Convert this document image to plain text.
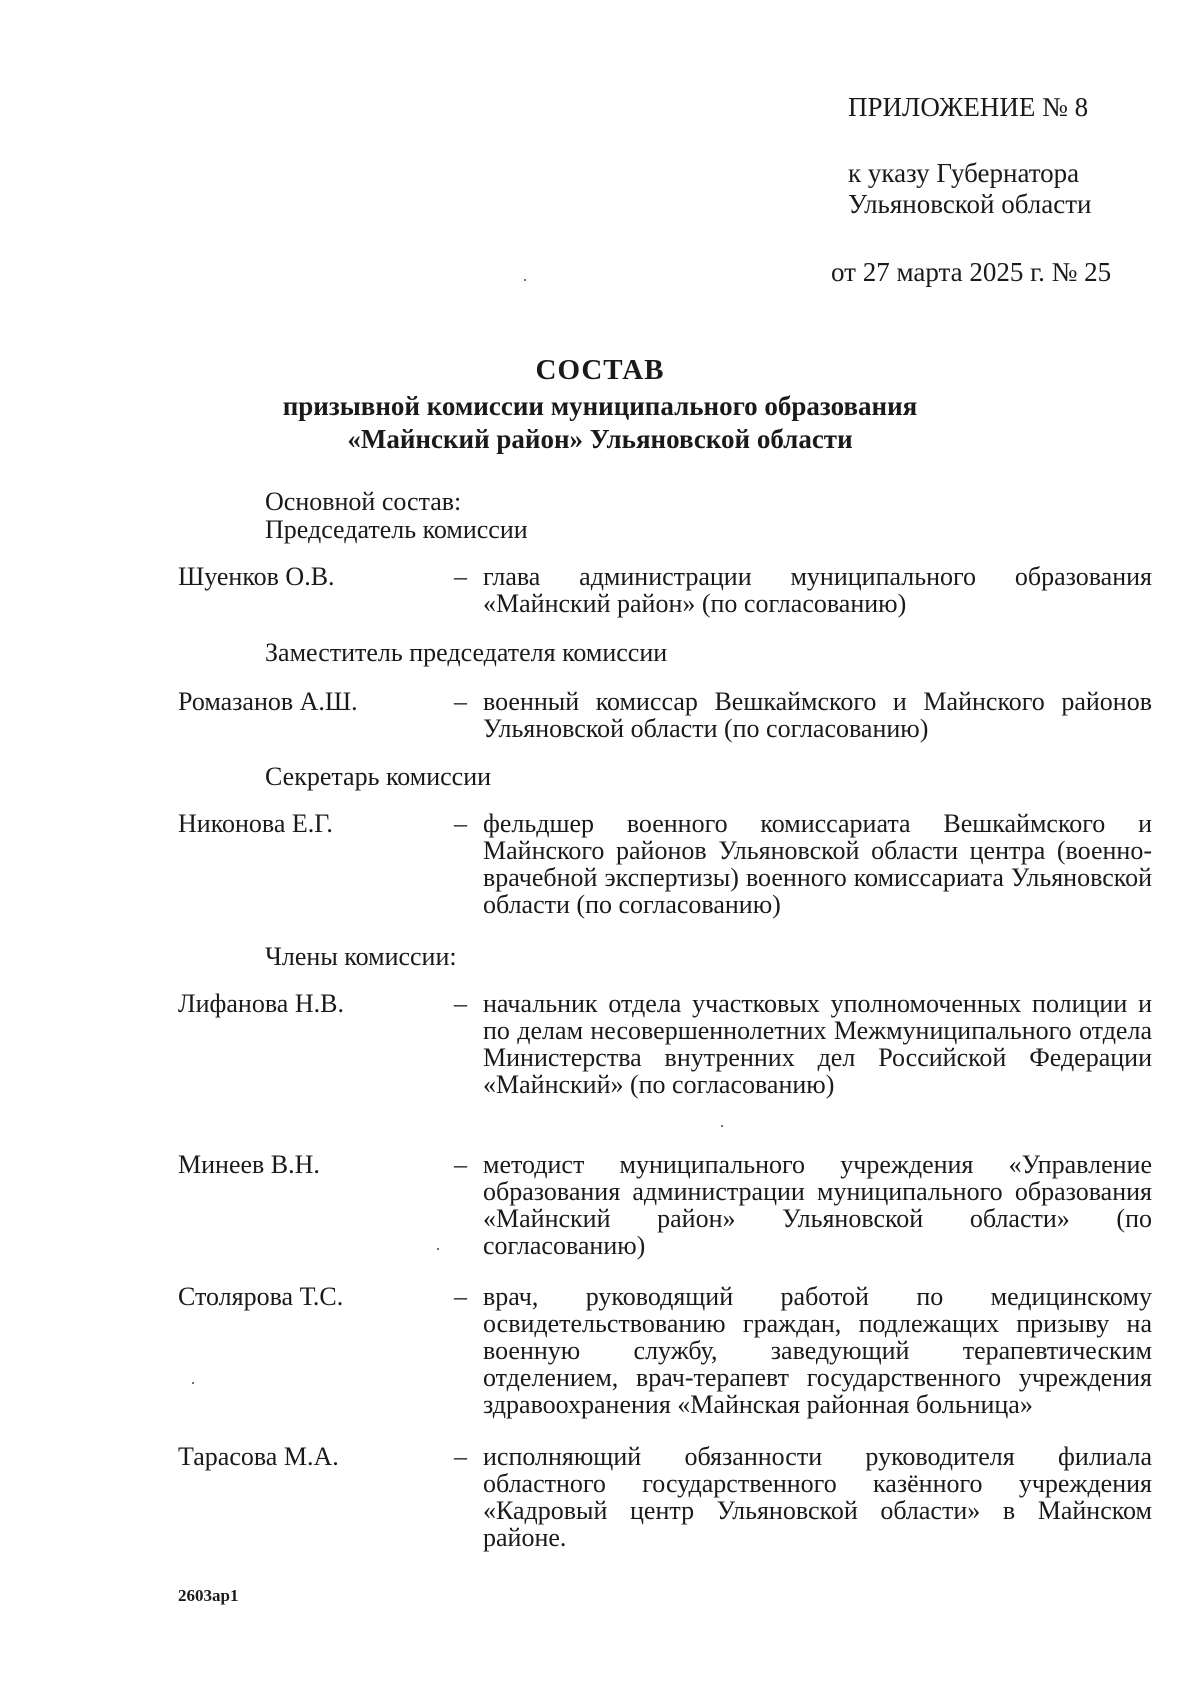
ПРИЛОЖЕНИЕ № 8

к указу Губернатора

Ульяновской области

от 27 марта 2025 г. № 25

СОСТАВ

призывной комиссии муниципального образования

«Майнский район» Ульяновской области

Основной состав:

Председатель комиссии

Шуенков О.В.	– глава администрации муниципального образования «Майнский район» (по согласованию)

Заместитель председателя комиссии

Ромазанов А.Ш.	– военный комиссар Вешкаймского и Майнского районов Ульяновской области (по согласованию)

Секретарь комиссии

Никонова Е.Г.	– фельдшер военного комиссариата Вешкаймского и Майнского районов Ульяновской области центра (военно-врачебной экспертизы) военного комиссариата Ульяновской области (по согласованию)

Члены комиссии:

Лифанова Н.В.	– начальник отдела участковых уполномоченных полиции и по делам несовершеннолетних Межмуниципального отдела Министерства внутренних дел Российской Федерации «Майнский» (по согласованию)
Минеев В.Н.	– методист муниципального учреждения «Управление образования администрации муниципального образования «Майнский район» Ульяновской области» (по согласованию)
Столярова Т.С.	– врач, руководящий работой по медицинскому освидетельствованию граждан, подлежащих призыву на военную службу, заведующий терапевтическим отделением, врач-терапевт государственного учреждения здравоохранения «Майнская районная больница»
Тарасова М.А.	– исполняющий обязанности руководителя филиала областного государственного казённого учреждения «Кадровый центр Ульяновской области» в Майнском районе.

2603ap1
